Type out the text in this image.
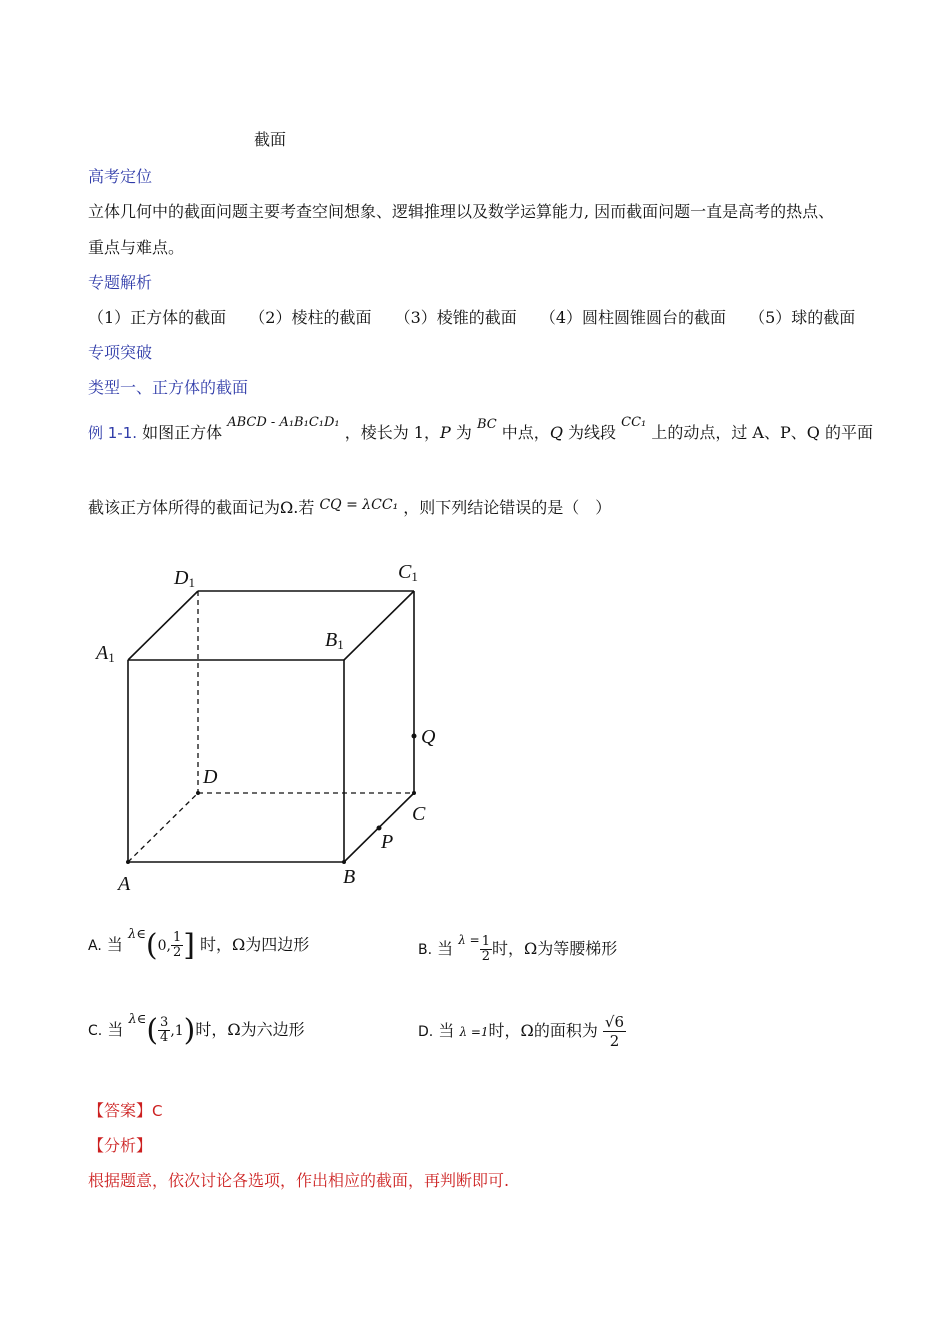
截面
高考定位
立体几何中的截面问题主要考查空间想象、逻辑推理以及数学运算能力, 因而截面问题一直是高考的热点、
重点与难点。
专题解析
（1）正方体的截面 （2）棱柱的截面 （3）棱锥的截面 （4）圆柱圆锥圆台的截面 （5）球的截面
专项突破
类型一、正方体的截面
例 1-1. 如图正方体 $^{ABCD - A_1B_1C_1D_1}$ ，棱长为 1，P 为 $^{BC}$ 中点，Q 为线段 $^{CC_1}$ 上的动点，过 A、P、Q 的平面
截该正方体所得的截面记为Ω.若 CQ = λCC₁ ，则下列结论错误的是（　）
A	B
C
D
A1
B1
C1
D1
P
Q
A. 当 $^{\lambda\in}$(0, $\frac{1}{2}$ ] 时，Ω为四边形	B. 当 $^{\lambda =} \frac{1}{2}$ 时，Ω为等腰梯形
C. 当 $^{\lambda\in}( \frac{3}{4} ,1)$时，Ω为六边形	D. 当 λ =1时，Ω的面积为 $\frac{√6}{2}$
【答案】C
【分析】
根据题意，依次讨论各选项，作出相应的截面，再判断即可.
